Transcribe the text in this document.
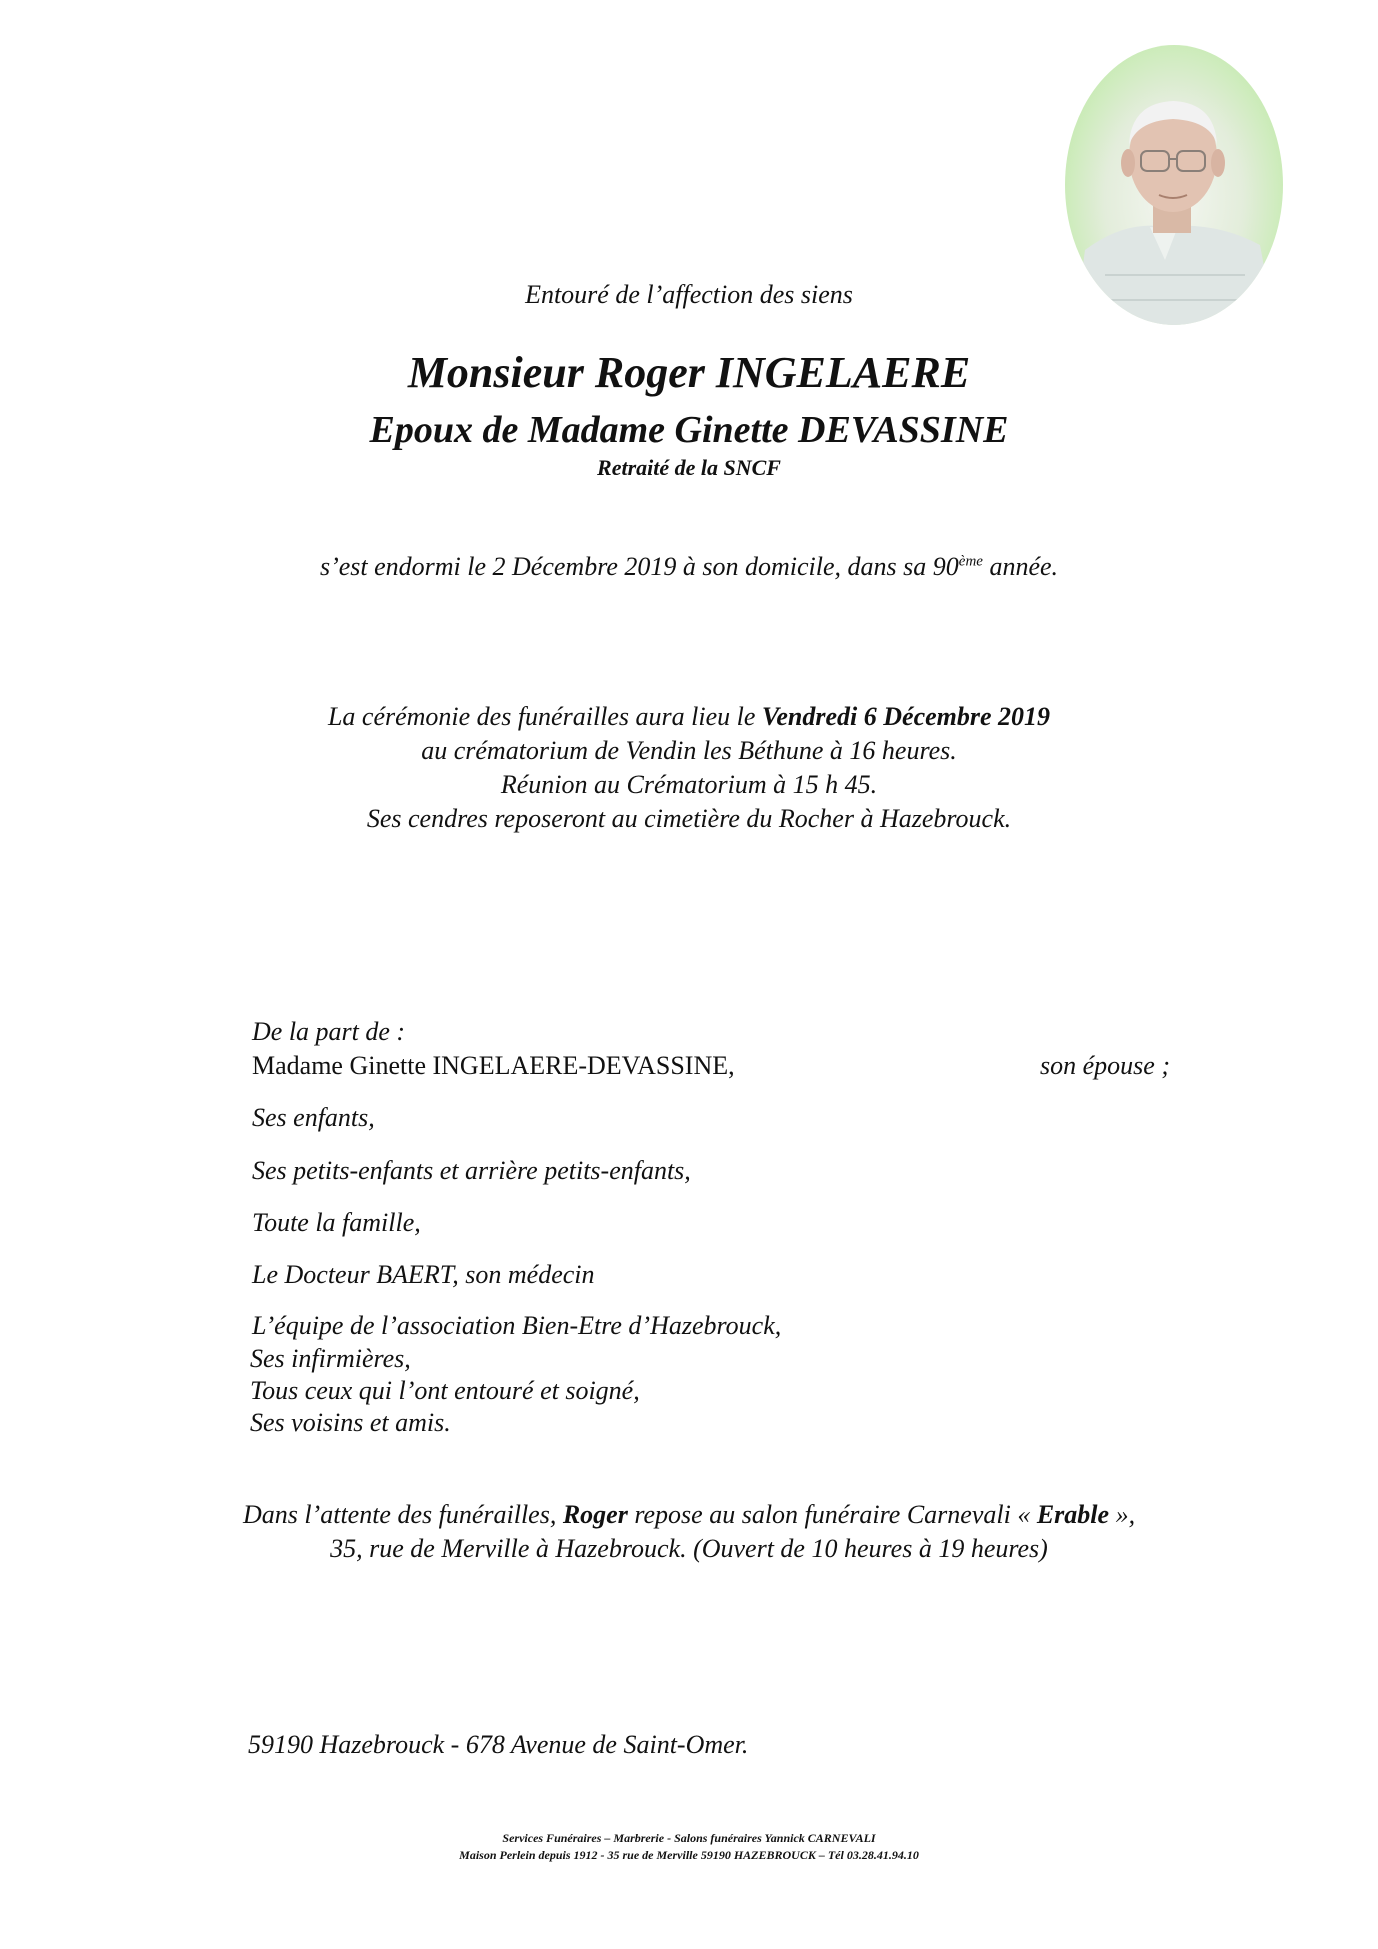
Entouré de l’affection des siens
Monsieur Roger INGELAERE
Epoux de Madame Ginette DEVASSINE
Retraité de la SNCF
s’est endormi le 2 Décembre 2019 à son domicile, dans sa 90ème année.
La cérémonie des funérailles aura lieu le Vendredi 6 Décembre 2019
au crématorium de Vendin les Béthune à 16 heures.
Réunion au Crématorium à 15 h 45.
Ses cendres reposeront au cimetière du Rocher à Hazebrouck.
De la part de :
Madame Ginette INGELAERE-DEVASSINE,	son épouse ;
Ses enfants,
Ses petits-enfants et arrière petits-enfants,
Toute la famille,
Le Docteur BAERT, son médecin
L’équipe de l’association Bien-Etre d’Hazebrouck,
Ses infirmières,
Tous ceux qui l’ont entouré et soigné,
Ses voisins et amis.
Dans l’attente des funérailles, Roger repose au salon funéraire Carnevali « Erable »,
35, rue de Merville à Hazebrouck. (Ouvert de 10 heures à 19 heures)
59190 Hazebrouck - 678 Avenue de Saint-Omer.
Services Funéraires – Marbrerie - Salons funéraires Yannick CARNEVALI
Maison Perlein depuis 1912 - 35 rue de Merville 59190 HAZEBROUCK – Tél 03.28.41.94.10
